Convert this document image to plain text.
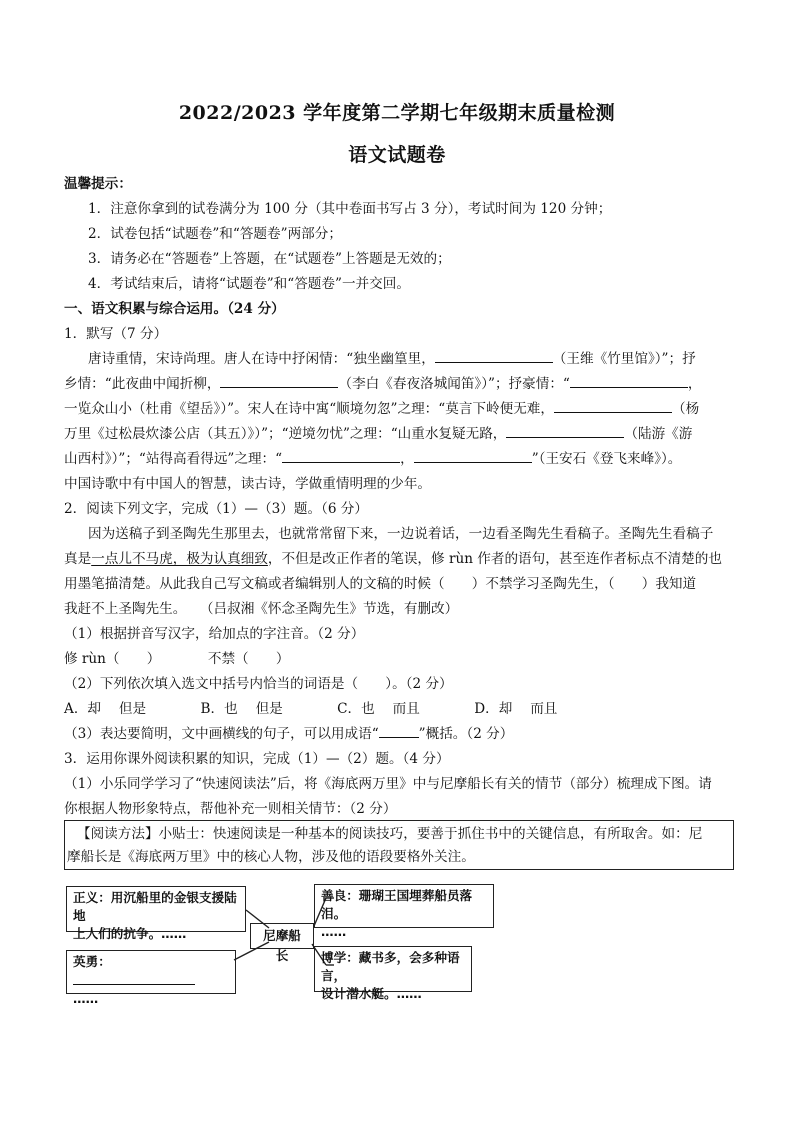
2022/2023 学年度第二学期七年级期末质量检测
语文试题卷
温馨提示：
1．注意你拿到的试卷满分为 100 分（其中卷面书写占 3 分），考试时间为 120 分钟；
2．试卷包括“试题卷”和“答题卷”两部分；
3．请务必在“答题卷”上答题，在“试题卷”上答题是无效的；
4．考试结束后，请将“试题卷”和“答题卷”一并交回。
一、语文积累与综合运用。（24 分）
1．默写（7 分）
唐诗重情，宋诗尚理。唐人在诗中抒闲情：“独坐幽篁里，	（王维《竹里馆》）”；抒
乡情：“此夜曲中闻折柳，	（李白《春夜洛城闻笛》）”；抒豪情：“	，
一览众山小（杜甫《望岳》）”。宋人在诗中寓“顺境勿忽”之理：“莫言下岭便无难，	（杨
万里《过松晨炊漆公店（其五）》）”；“逆境勿忧”之理：“山重水复疑无路，	（陆游《游
山西村》）”；“站得高看得远”之理：“	，	”（王安石《登飞来峰》）。
中国诗歌中有中国人的智慧，读古诗，学做重情明理的少年。
2．阅读下列文字，完成（1）—（3）题。（6 分）
因为送稿子到圣陶先生那里去，也就常常留下来，一边说着话，一边看圣陶先生看稿子。圣陶先生看稿子
真是一点儿不马虎，极为认真细致，不但是改正作者的笔误，修 rùn 作者的语句，甚至连作者标点不清楚的也
用墨笔描清楚。从此我自己写文稿或者编辑别人的文稿的时候（　　）不禁学习圣陶先生，（　　）我知道
我赶不上圣陶先生。　　（吕叔湘《怀念圣陶先生》节选，有删改）
（1）根据拼音写汉字，给加点的字注音。（2 分）
修 rùn（　　）　　　　不禁（　　）
（2）下列依次填入选文中括号内恰当的词语是（　　）。（2 分）
A．却　 但是　　　　B．也　 但是　　　　C．也　 而且　　　　D．却　 而且
（3）表达要简明，文中画横线的句子，可以用成语“	”概括。（2 分）
3．运用你课外阅读积累的知识，完成（1）—（2）题。（4 分）
（1）小乐同学学习了“快速阅读法”后，将《海底两万里》中与尼摩船长有关的情节（部分）梳理成下图。请
你根据人物形象特点，帮他补充一则相关情节：（2 分）
【阅读方法】小贴士：快速阅读是一种基本的阅读技巧，要善于抓住书中的关键信息，有所取舍。如：尼
摩船长是《海底两万里》中的核心人物，涉及他的语段要格外关注。
正义：用沉船里的金银支援陆地
上人们的抗争。……	尼摩船长
善良：珊瑚王国埋葬船员落泪。
……
英勇：
……
博学：藏书多，会多种语言，
设计潜水艇。……
